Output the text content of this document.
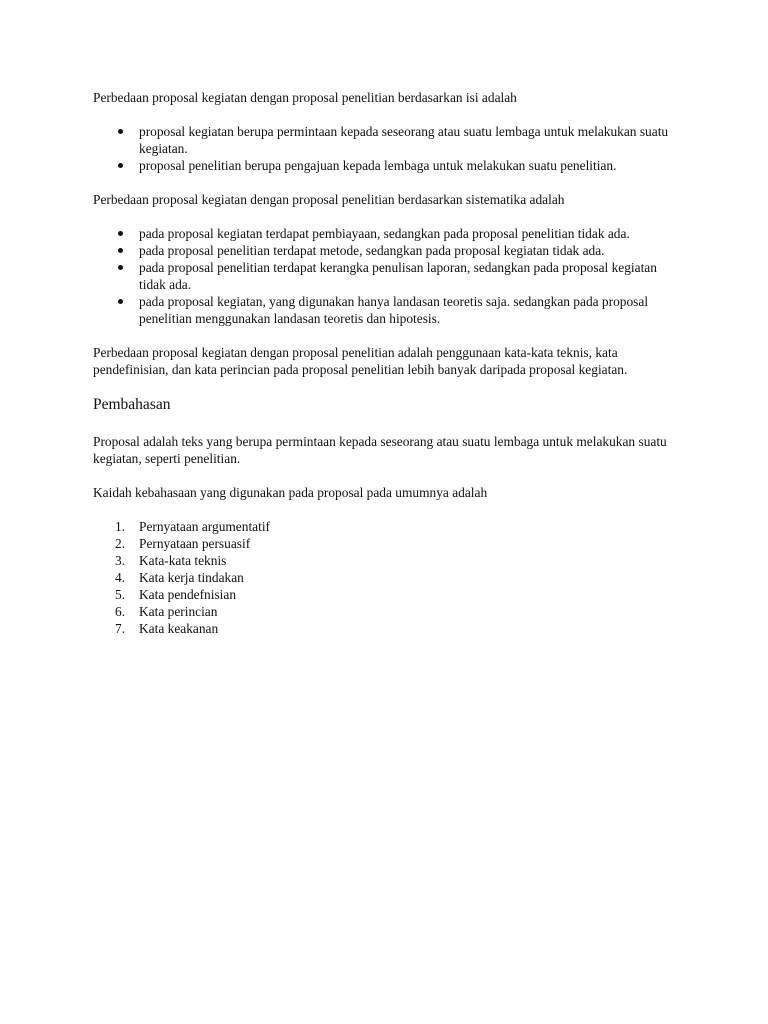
Perbedaan proposal kegiatan dengan proposal penelitian berdasarkan isi adalah

proposal kegiatan berupa permintaan kepada seseorang atau suatu lembaga untuk melakukan suatu kegiatan.
proposal penelitian berupa pengajuan kepada lembaga untuk melakukan suatu penelitian.

Perbedaan proposal kegiatan dengan proposal penelitian berdasarkan sistematika adalah

pada proposal kegiatan terdapat pembiayaan, sedangkan pada proposal penelitian tidak ada.
pada proposal penelitian terdapat metode, sedangkan pada proposal kegiatan tidak ada.
pada proposal penelitian terdapat kerangka penulisan laporan, sedangkan pada proposal kegiatan tidak ada.
pada proposal kegiatan, yang digunakan hanya landasan teoretis saja. sedangkan pada proposal penelitian menggunakan landasan teoretis dan hipotesis.

Perbedaan proposal kegiatan dengan proposal penelitian adalah penggunaan kata-kata teknis, kata pendefinisian, dan kata perincian pada proposal penelitian lebih banyak daripada proposal kegiatan.

Pembahasan

Proposal adalah teks yang berupa permintaan kepada seseorang atau suatu lembaga untuk melakukan suatu kegiatan, seperti penelitian.

Kaidah kebahasaan yang digunakan pada proposal pada umumnya adalah

1. Pernyataan argumentatif
2. Pernyataan persuasif
3. Kata-kata teknis
4. Kata kerja tindakan
5. Kata pendefnisian
6. Kata perincian
7. Kata keakanan
